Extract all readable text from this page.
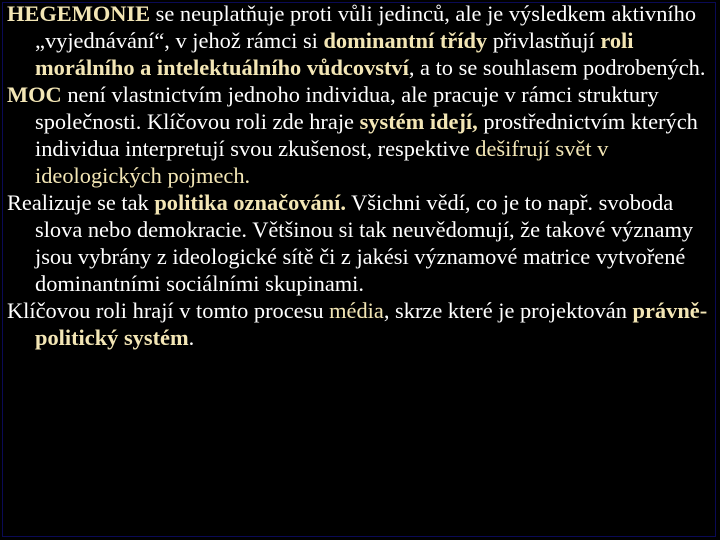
HEGEMONIE se neuplatňuje proti vůli jedinců, ale je výsledkem aktivního „vyjednávání“, v jehož rámci si dominantní třídy přivlastňují roli morálního a intelektuálního vůdcovství, a to se souhlasem podrobených.

MOC není vlastnictvím jednoho individua, ale pracuje v rámci struktury společnosti. Klíčovou roli zde hraje systém idejí, prostřednictvím kterých individua interpretují svou zkušenost, respektive dešifrují svět v ideologických pojmech.

Realizuje se tak politika označování. Všichni vědí, co je to např. svoboda slova nebo demokracie. Většinou si tak neuvědomují, že takové významy jsou vybrány z ideologické sítě či z jakési významové matrice vytvořené dominantními sociálními skupinami.

Klíčovou roli hrají v tomto procesu média, skrze které je projektován právně-politický systém.
